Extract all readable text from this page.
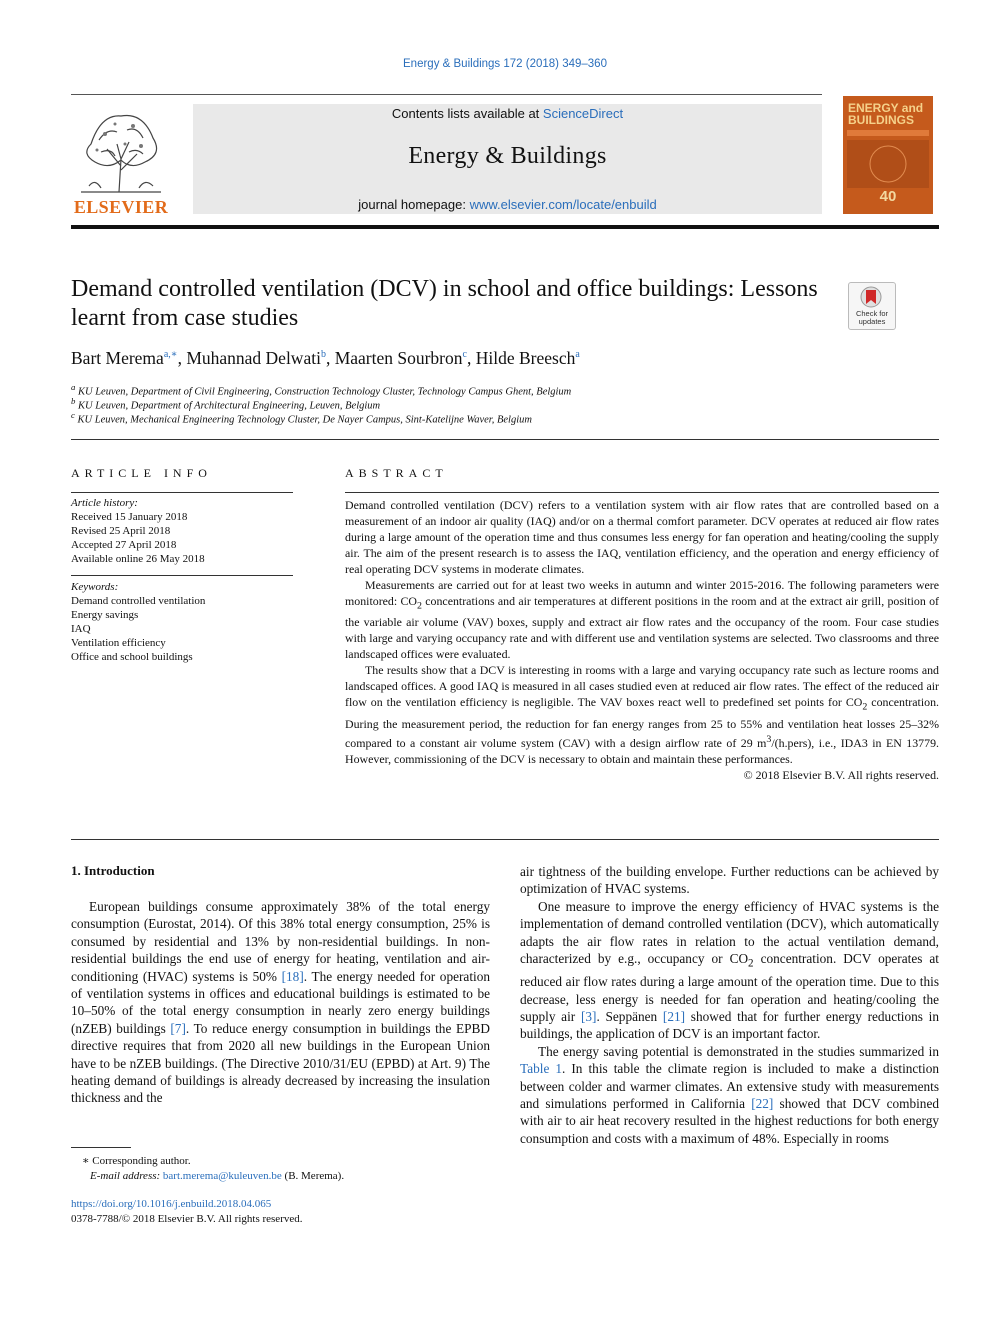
Energy & Buildings 172 (2018) 349–360
ELSEVIER
Contents lists available at ScienceDirect
Energy & Buildings
journal homepage: www.elsevier.com/locate/enbuild
ENERGY and BUILDINGS
40
Demand controlled ventilation (DCV) in school and office buildings: Lessons learnt from case studies	Check for updates
Bart Merema$^{a,∗}$, Muhannad Delwati$^b$, Maarten Sourbron$^c$, Hilde Breesch$^a$
$^a$ KU Leuven, Department of Civil Engineering, Construction Technology Cluster, Technology Campus Ghent, Belgium
$^b$ KU Leuven, Department of Architectural Engineering, Leuven, Belgium
$^c$ KU Leuven, Mechanical Engineering Technology Cluster, De Nayer Campus, Sint-Katelijne Waver, Belgium
ARTICLE INFO
Article history:
Received 15 January 2018
Revised 25 April 2018
Accepted 27 April 2018
Available online 26 May 2018
Keywords:
Demand controlled ventilation
Energy savings
IAQ
Ventilation efficiency
Office and school buildings
ABSTRACT

Demand controlled ventilation (DCV) refers to a ventilation system with air flow rates that are controlled based on a measurement of an indoor air quality (IAQ) and/or on a thermal comfort parameter. DCV operates at reduced air flow rates during a large amount of the operation time and thus consumes less energy for fan operation and heating/cooling the supply air. The aim of the present research is to assess the IAQ, ventilation efficiency, and the operation and energy efficiency of real operating DCV systems in moderate climates.

Measurements are carried out for at least two weeks in autumn and winter 2015-2016. The following parameters were monitored: $CO_2$ concentrations and air temperatures at different positions in the room and at the extract air grill, position of the variable air volume (VAV) boxes, supply and extract air flow rates and the occupancy of the room. Four case studies with large and varying occupancy rate and with different use and ventilation systems are selected. Two classrooms and three landscaped offices were evaluated.

The results show that a DCV is interesting in rooms with a large and varying occupancy rate such as lecture rooms and landscaped offices. A good IAQ is measured in all cases studied even at reduced air flow rates. The effect of the reduced air flow on the ventilation efficiency is negligible. The VAV boxes react well to predefined set points for $CO_2$ concentration. During the measurement period, the reduction for fan energy ranges from 25 to 55% and ventilation heat losses 25–32% compared to a constant air volume system (CAV) with a design airflow rate of 29 $m^3/(h.pers)$, i.e., IDA3 in EN 13779. However, commissioning of the DCV is necessary to obtain and maintain these performances.

© 2018 Elsevier B.V. All rights reserved.
1. Introduction

European buildings consume approximately 38% of the total energy consumption (Eurostat, 2014). Of this 38% total energy consumption, 25% is consumed by residential and 13% by non-residential buildings. In non-residential buildings the end use of energy for heating, ventilation and air-conditioning (HVAC) systems is 50% [18]. The energy needed for operation of ventilation systems in offices and educational buildings is estimated to be 10–50% of the total energy consumption in nearly zero energy buildings (nZEB) buildings [7]. To reduce energy consumption in buildings the EPBD directive requires that from 2020 all new buildings in the European Union have to be nZEB buildings. (The Directive 2010/31/EU (EPBD) at Art. 9) The heating demand of buildings is already decreased by increasing the insulation thickness and the

air tightness of the building envelope. Further reductions can be achieved by optimization of HVAC systems.

One measure to improve the energy efficiency of HVAC systems is the implementation of demand controlled ventilation (DCV), which automatically adapts the air flow rates in relation to the actual ventilation demand, characterized by e.g., occupancy or $CO_2$ concentration. DCV operates at reduced air flow rates during a large amount of the operation time. Due to this decrease, less energy is needed for fan operation and heating/cooling the supply air [3]. Seppänen [21] showed that for further energy reductions in buildings, the application of DCV is an important factor.

The energy saving potential is demonstrated in the studies summarized in Table 1. In this table the climate region is included to make a distinction between colder and warmer climates. An extensive study with measurements and simulations performed in California [22] showed that DCV combined with air to air heat recovery resulted in the highest reductions for both energy consumption and costs with a maximum of 48%. Especially in rooms

∗ Corresponding author.
E-mail address: bart.merema@kuleuven.be (B. Merema).
https://doi.org/10.1016/j.enbuild.2018.04.065
0378-7788/© 2018 Elsevier B.V. All rights reserved.
